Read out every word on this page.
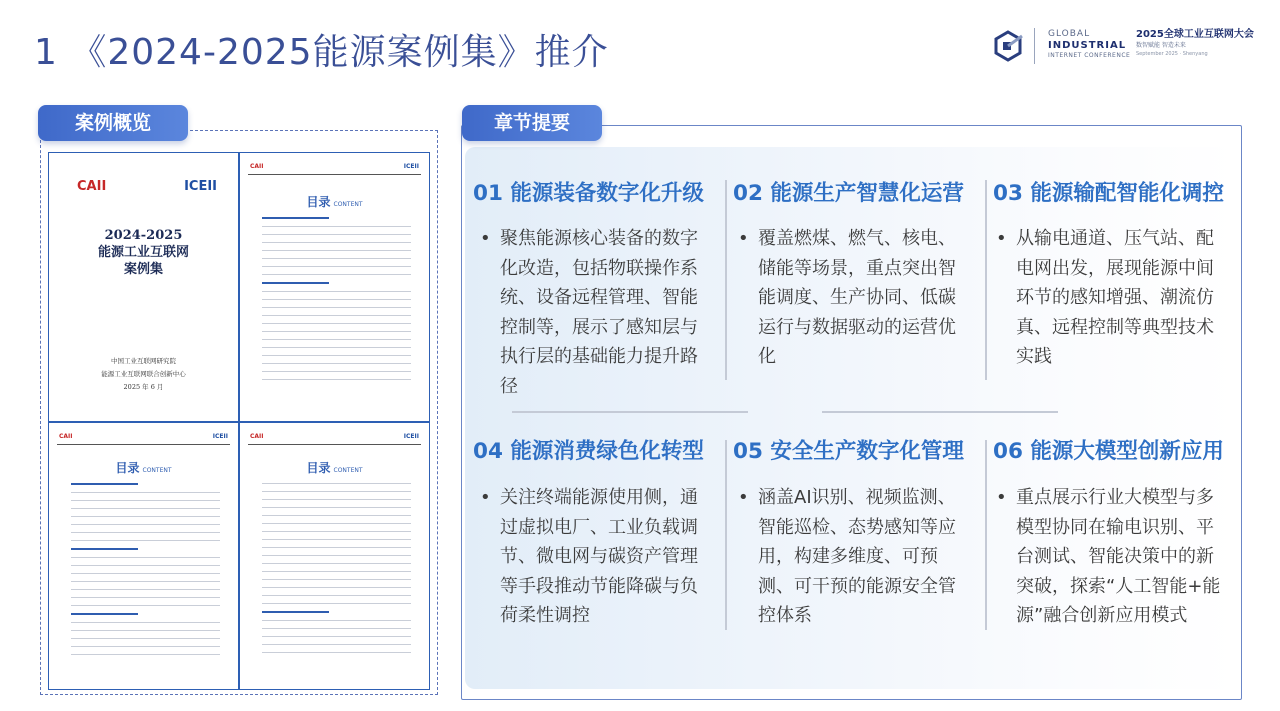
1 《2024-2025能源案例集》推介	GLOBAL
INDUSTRIAL
INTERNET CONFERENCE
2025全球工业互联网大会
数智赋能 智造未来
September 2025 · Shenyang
案例概览
CAII	ICEII
2024-2025
能源工业互联网
案例集
中国工业互联网研究院
能源工业互联网联合创新中心
2025 年 6 月
CAII	ICEII
目录 CONTENT
CAII	ICEII
目录 CONTENT
CAII	ICEII
目录 CONTENT
章节提要
01 能源装备数字化升级
• 聚焦能源核心装备的数字化改造，包括物联操作系统、设备远程管理、智能控制等，展示了感知层与执行层的基础能力提升路径
02 能源生产智慧化运营
• 覆盖燃煤、燃气、核电、储能等场景，重点突出智能调度、生产协同、低碳运行与数据驱动的运营优化
03 能源输配智能化调控
• 从输电通道、压气站、配电网出发，展现能源中间环节的感知增强、潮流仿真、远程控制等典型技术实践
04 能源消费绿色化转型
• 关注终端能源使用侧，通过虚拟电厂、工业负载调节、微电网与碳资产管理等手段推动节能降碳与负荷柔性调控
05 安全生产数字化管理
• 涵盖AI识别、视频监测、智能巡检、态势感知等应用，构建多维度、可预测、可干预的能源安全管控体系
06 能源大模型创新应用
• 重点展示行业大模型与多模型协同在输电识别、平台测试、智能决策中的新突破，探索“人工智能+能源”融合创新应用模式
